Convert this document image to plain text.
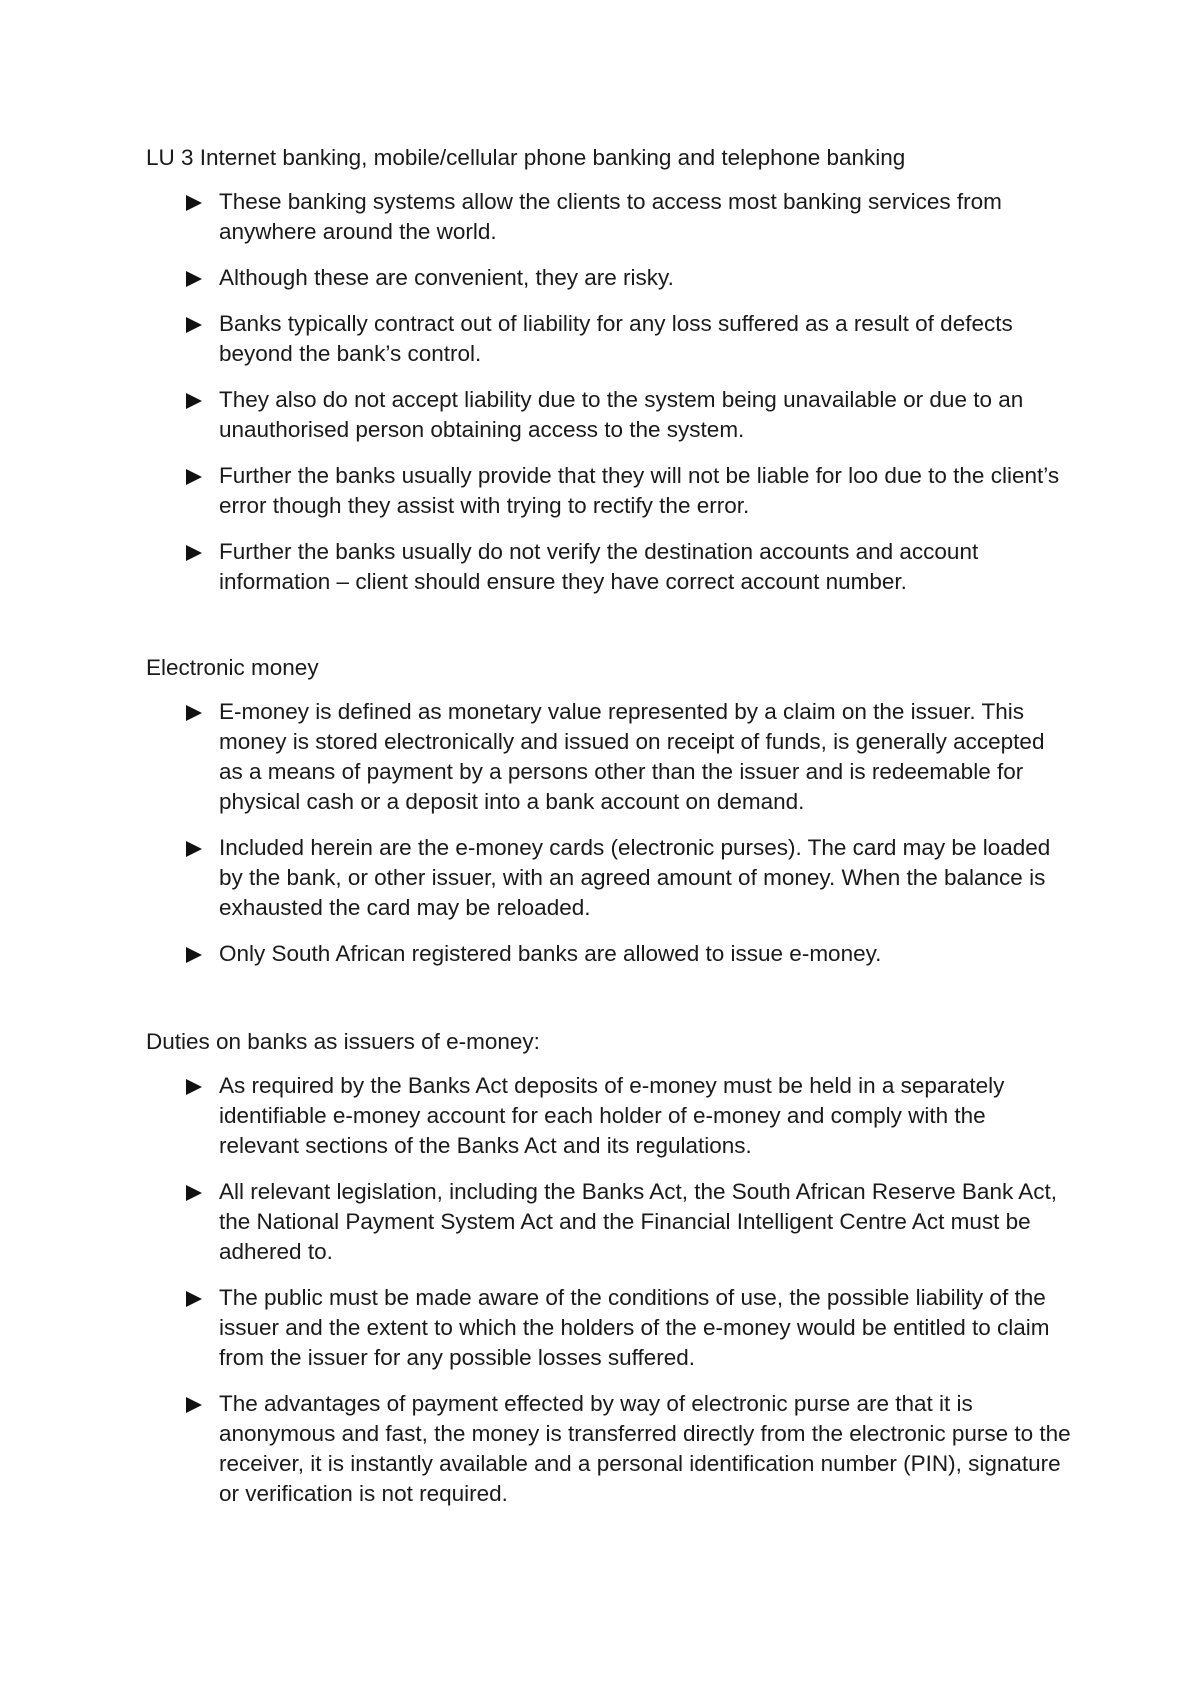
LU 3 Internet banking, mobile/cellular phone banking and telephone banking

These banking systems allow the clients to access most banking services from anywhere around the world.
Although these are convenient, they are risky.
Banks typically contract out of liability for any loss suffered as a result of defects beyond the bank’s control.
They also do not accept liability due to the system being unavailable or due to an unauthorised person obtaining access to the system.
Further the banks usually provide that they will not be liable for loo due to the client’s error though they assist with trying to rectify the error.
Further the banks usually do not verify the destination accounts and account information – client should ensure they have correct account number.

Electronic money

E-money is defined as monetary value represented by a claim on the issuer. This money is stored electronically and issued on receipt of funds, is generally accepted as a means of payment by a persons other than the issuer and is redeemable for physical cash or a deposit into a bank account on demand.
Included herein are the e-money cards (electronic purses). The card may be loaded by the bank, or other issuer, with an agreed amount of money. When the balance is exhausted the card may be reloaded.
Only South African registered banks are allowed to issue e-money.

Duties on banks as issuers of e-money:

As required by the Banks Act deposits of e-money must be held in a separately identifiable e-money account for each holder of e-money and comply with the relevant sections of the Banks Act and its regulations.
All relevant legislation, including the Banks Act, the South African Reserve Bank Act, the National Payment System Act and the Financial Intelligent Centre Act must be adhered to.
The public must be made aware of the conditions of use, the possible liability of the issuer and the extent to which the holders of the e-money would be entitled to claim from the issuer for any possible losses suffered.
The advantages of payment effected by way of electronic purse are that it is anonymous and fast, the money is transferred directly from the electronic purse to the receiver, it is instantly available and a personal identification number (PIN), signature or verification is not required.
